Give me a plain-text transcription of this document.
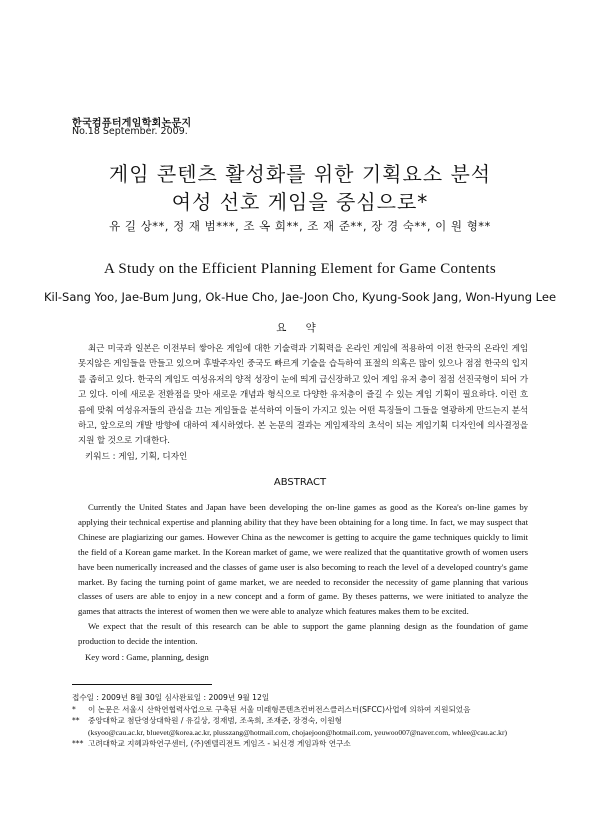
한국컴퓨터게임학회논문지
No.18 September. 2009.
게임 콘텐츠 활성화를 위한 기획요소 분석
여성 선호 게임을 중심으로*
유 길 상**, 정 재 범***, 조 옥 희**, 조 재 준**, 장 경 숙**, 이 원 형**
A Study on the Efficient Planning Element for Game Contents
Kil-Sang Yoo, Jae-Bum Jung, Ok-Hue Cho, Jae-Joon Cho, Kyung-Sook Jang, Won-Hyung Lee
요 약

최근 미국과 일본은 이전부터 쌓아온 게임에 대한 기술력과 기획력을 온라인 게임에 적용하여 이전 한국의 온라인 게임 못지않은 게임들을 만들고 있으며 후발주자인 중국도 빠르게 기술을 습득하여 표절의 의혹은 많이 있으나 점점 한국의 입지를 좁히고 있다. 한국의 게임도 여성유저의 양적 성장이 눈에 띄게 급신장하고 있어 게임 유저 층이 점점 선진국형이 되어 가고 있다. 이에 새로운 전환점을 맞아 새로운 개념과 형식으로 다양한 유저층이 즐길 수 있는 게임 기획이 필요하다. 이런 흐름에 맞춰 여성유저들의 관심을 끄는 게임들을 분석하여 이들이 가지고 있는 어떤 특징들이 그들을 열광하게 만드는지 분석하고, 앞으로의 개발 방향에 대하여 제시하였다. 본 논문의 결과는 게임제작의 초석이 되는 게임기획 디자인에 의사결정을 지원 할 것으로 기대한다.

키워드 : 게임, 기획, 디자인
ABSTRACT

Currently the United States and Japan have been developing the on-line games as good as the Korea's on-line games by applying their technical expertise and planning ability that they have been obtaining for a long time. In fact, we may suspect that Chinese are plagiarizing our games. However China as the newcomer is getting to acquire the game techniques quickly to limit the field of a Korean game market. In the Korean market of game, we were realized that the quantitative growth of women users have been numerically increased and the classes of game user is also becoming to reach the level of a developed country's game market. By facing the turning point of game market, we are needed to reconsider the necessity of game planning that various classes of users are able to enjoy in a new concept and a form of game. By theses patterns, we were initiated to analyze the games that attracts the interest of women then we were able to analyze which features makes them to be excited.

We expect that the result of this research can be able to support the game planning design as the foundation of game production to decide the intention.

Key word : Game, planning, design
접수일 : 2009년 8월 30일 심사완료일 : 2009년 9월 12일
* 이 논문은 서울시 산학연협력사업으로 구축된 서울 미래형콘텐츠컨버전스클러스터(SFCC)사업에 의하여 지원되었음
** 중앙대학교 첨단영상대학원 / 유길상, 정재범, 조옥희, 조재준, 장경숙, 이원형
(ksyoo@cau.ac.kr, bluevet@korea.ac.kr, plusszang@hotmail.com, chojaejoon@hotmail.com, yeuwoo007@naver.com, whlee@cau.ac.kr)
*** 고려대학교 지혜과학연구센터, (주)엔텔리전트 게임즈 - 뇌신경 게임과학 연구소
